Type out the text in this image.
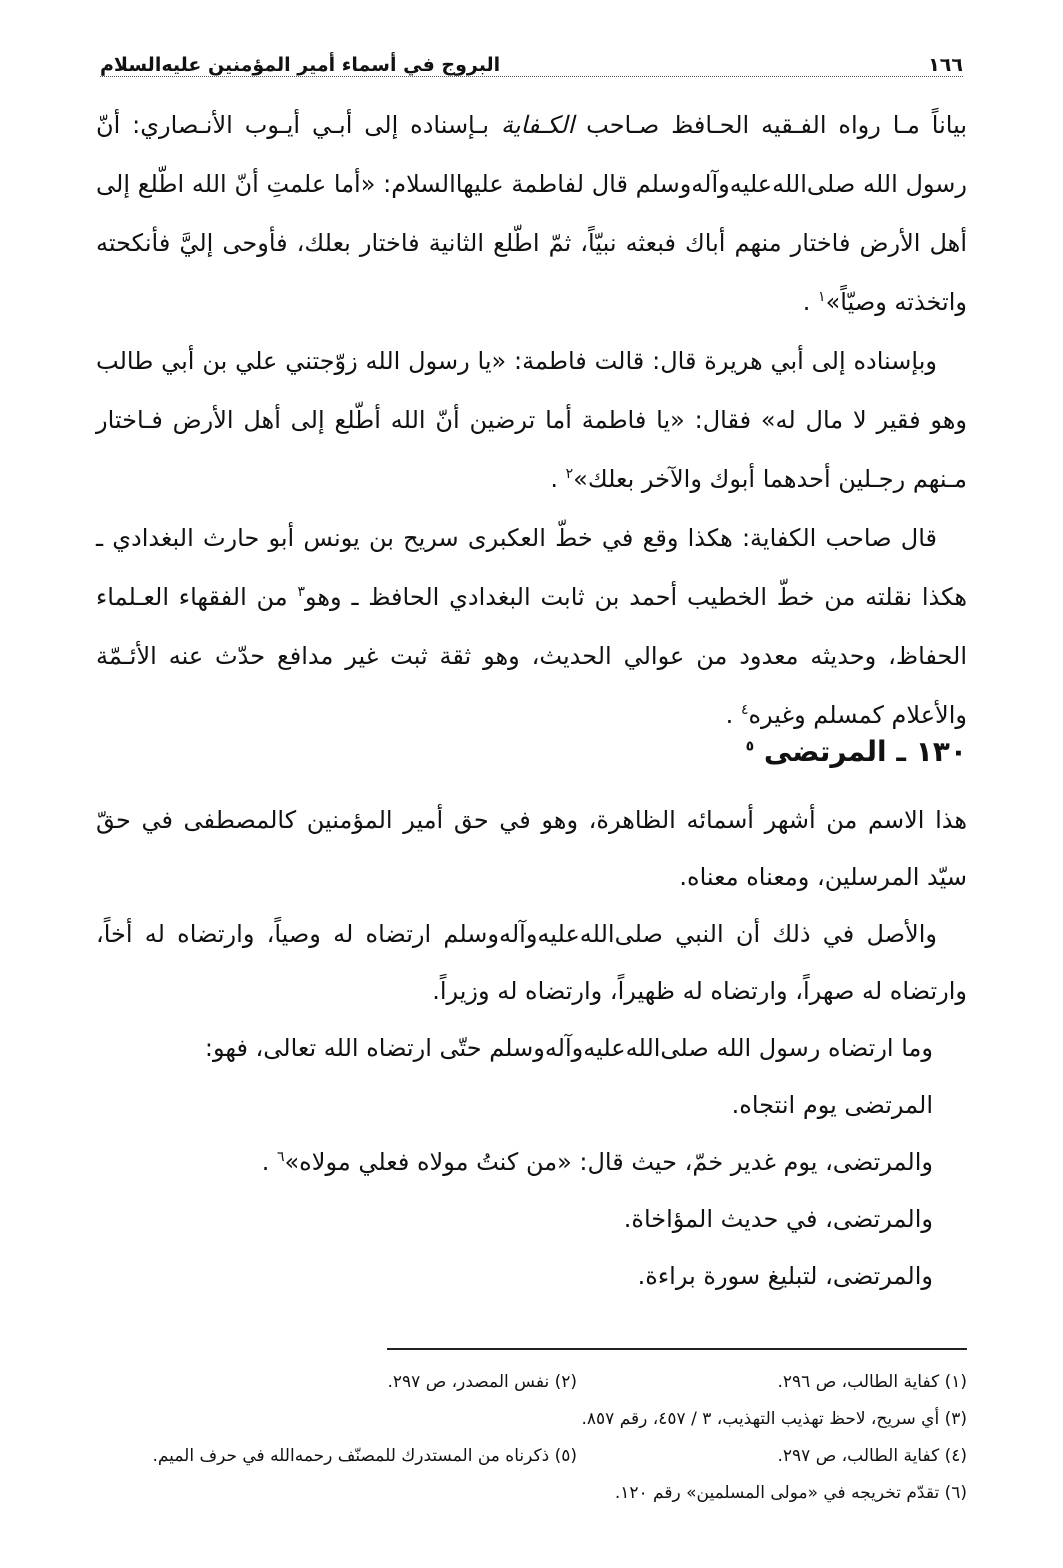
١٦٦
البروج في أسماء أمير المؤمنين عليه‌السلام

بياناً مـا رواه الفـقيه الحـافظ صـاحب الكـفاية بـإسناده إلى أبـي أيـوب الأنـصاري: أنّ رسول الله صلى‌الله‌عليه‌وآله‌وسلم قال لفاطمة عليها‌السلام: «أما علمتِ أنّ الله اطّلع إلى أهل الأرض فاختار منهم أباك فبعثه نبيّاً، ثمّ اطّلع الثانية فاختار بعلك، فأوحى إليَّ فأنكحته واتخذته وصيّاً»$^١$ .

وبإسناده إلى أبي هريرة قال: قالت فاطمة: «يا رسول الله زوّجتني علي بن أبي طالب وهو فقير لا مال له» فقال: «يا فاطمة أما ترضين أنّ الله أطّلع إلى أهل الأرض فـاختار مـنهم رجـلين أحدهما أبوك والآخر بعلك»$^٢$ .

قال صاحب الكفاية: هكذا وقع في خطّ العكبرى سريح بن يونس أبو حارث البغدادي ـ هكذا نقلته من خطّ الخطيب أحمد بن ثابت البغدادي الحافظ ـ وهو$^٣$ من الفقهاء العـلماء الحفاظ، وحديثه معدود من عوالي الحديث، وهو ثقة ثبت غير مدافع حدّث عنه الأئـمّة والأعلام كمسلم وغيره$^٤$ .

١٣٠ ـ المرتضى $^٥$

هذا الاسم من أشهر أسمائه الظاهرة، وهو في حق أمير المؤمنين كالمصطفى في حقّ سيّد المرسلين، ومعناه معناه.

والأصل في ذلك أن النبي صلى‌الله‌عليه‌وآله‌وسلم ارتضاه له وصياً، وارتضاه له أخاً، وارتضاه له صهراً، وارتضاه له ظهيراً، وارتضاه له وزيراً.

وما ارتضاه رسول الله صلى‌الله‌عليه‌وآله‌وسلم حتّى ارتضاه الله تعالى، فهو:

المرتضى يوم انتجاه.

والمرتضى، يوم غدير خمّ، حيث قال: «من كنتُ مولاه فعلي مولاه»$^٦$ .

والمرتضى، في حديث المؤاخاة.

والمرتضى، لتبليغ سورة براءة.

(١) كفاية الطالب، ص ٢٩٦.
(٢) نفس المصدر، ص ٢٩٧.
(٣) أي سريح، لاحظ تهذيب التهذيب، ٣ / ٤٥٧، رقم ٨٥٧.
(٤) كفاية الطالب، ص ٢٩٧.
(٥) ذكرناه من المستدرك للمصنّف رحمه‌الله في حرف الميم.
(٦) تقدّم تخريجه في «مولى المسلمين» رقم ١٢٠.
